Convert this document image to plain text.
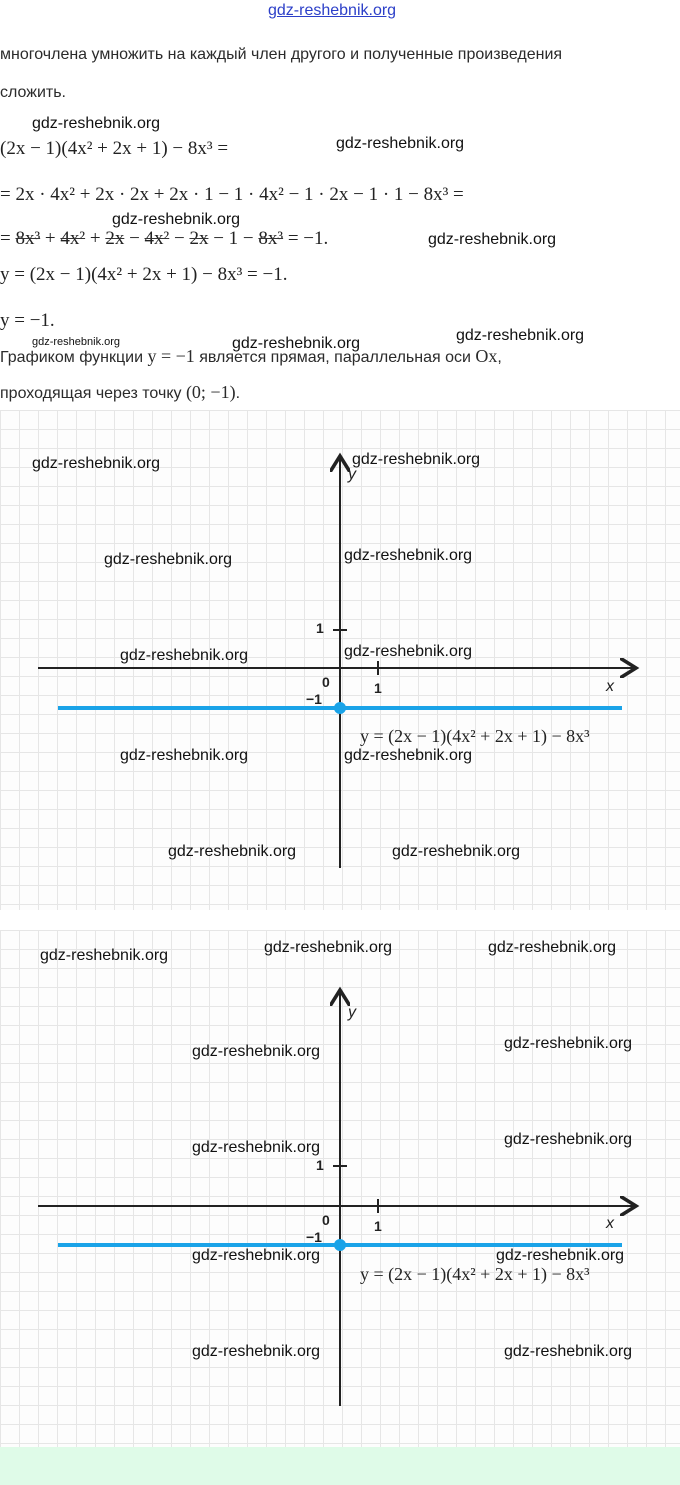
gdz-reshebnik.org
многочлена умножить на каждый член другого и полученные произведения
сложить.
gdz-reshebnik.org
gdz-reshebnik.org
gdz-reshebnik.org
gdz-reshebnik.org
gdz-reshebnik.org	gdz-reshebnik.org	gdz-reshebnik.org
(2x − 1)(4x² + 2x + 1) − 8x³ =
= 2x · 4x² + 2x · 2x + 2x · 1 − 1 · 4x² − 1 · 2x − 1 · 1 − 8x³ =
= 8x³ + 4x² + 2x − 4x² − 2x − 1 − 8x³ = −1.
y = (2x − 1)(4x² + 2x + 1) − 8x³ = −1.
y = −1.
Графиком функции y = −1 является прямая, параллельная оси Ox,
проходящая через точку (0; −1).
y
x
0	1
1
−1
y = (2x − 1)(4x² + 2x + 1) − 8x³
gdz-reshebnik.org	gdz-reshebnik.org
gdz-reshebnik.org	gdz-reshebnik.org
gdz-reshebnik.org	gdz-reshebnik.org
gdz-reshebnik.org	gdz-reshebnik.org
gdz-reshebnik.org	gdz-reshebnik.org
y
x
0	1
1
−1
y = (2x − 1)(4x² + 2x + 1) − 8x³
gdz-reshebnik.org	gdz-reshebnik.org	gdz-reshebnik.org
gdz-reshebnik.org	gdz-reshebnik.org
gdz-reshebnik.org	gdz-reshebnik.org
gdz-reshebnik.org	gdz-reshebnik.org
gdz-reshebnik.org	gdz-reshebnik.org
